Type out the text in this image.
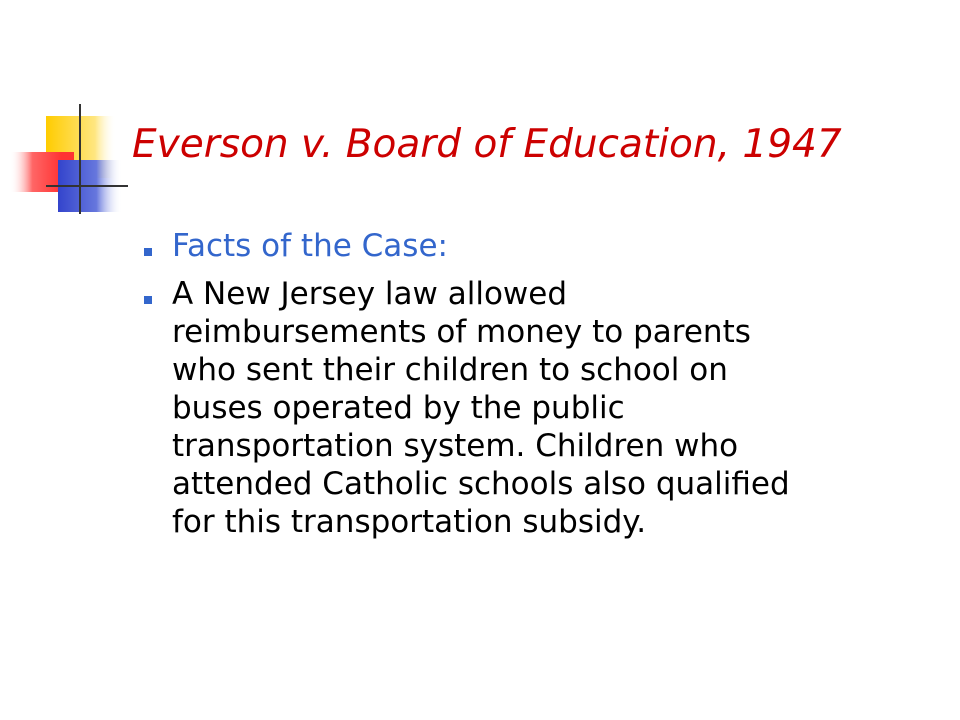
Everson v. Board of Education, 1947
Facts of the Case:
A New Jersey law allowed
reimbursements of money to parents
who sent their children to school on
buses operated by the public
transportation system. Children who
attended Catholic schools also qualified
for this transportation subsidy.
